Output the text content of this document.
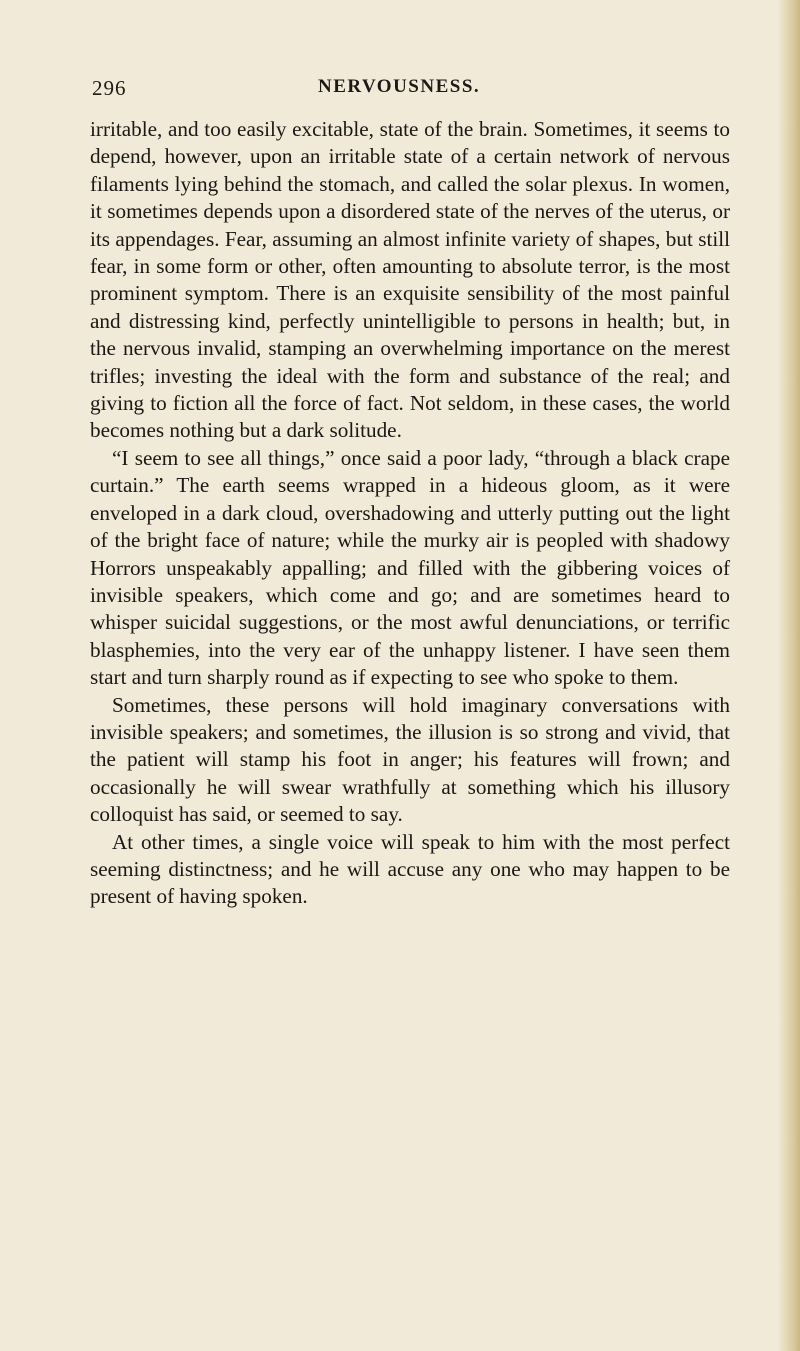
296	NERVOUSNESS.

irritable, and too easily excitable, state of the brain. Sometimes, it seems to depend, however, upon an irritable state of a certain network of nervous filaments lying behind the stomach, and called the solar plexus. In women, it sometimes depends upon a disordered state of the nerves of the uterus, or its appendages. Fear, assuming an almost infinite variety of shapes, but still fear, in some form or other, often amounting to absolute terror, is the most prominent symptom. There is an exquisite sensibility of the most painful and distressing kind, perfectly unintelligible to persons in health; but, in the nervous invalid, stamping an overwhelming importance on the merest trifles; investing the ideal with the form and substance of the real; and giving to fiction all the force of fact. Not seldom, in these cases, the world becomes nothing but a dark solitude.

“I seem to see all things,” once said a poor lady, “through a black crape curtain.” The earth seems wrapped in a hideous gloom, as it were enveloped in a dark cloud, overshadowing and utterly putting out the light of the bright face of nature; while the murky air is peopled with shadowy Horrors unspeakably appalling; and filled with the gibbering voices of invisible speakers, which come and go; and are sometimes heard to whisper suicidal suggestions, or the most awful denunciations, or terrific blasphemies, into the very ear of the unhappy listener. I have seen them start and turn sharply round as if expecting to see who spoke to them.

Sometimes, these persons will hold imaginary conversations with invisible speakers; and sometimes, the illusion is so strong and vivid, that the patient will stamp his foot in anger; his features will frown; and occasionally he will swear wrathfully at something which his illusory colloquist has said, or seemed to say.

At other times, a single voice will speak to him with the most perfect seeming distinctness; and he will accuse any one who may happen to be present of having spoken.
